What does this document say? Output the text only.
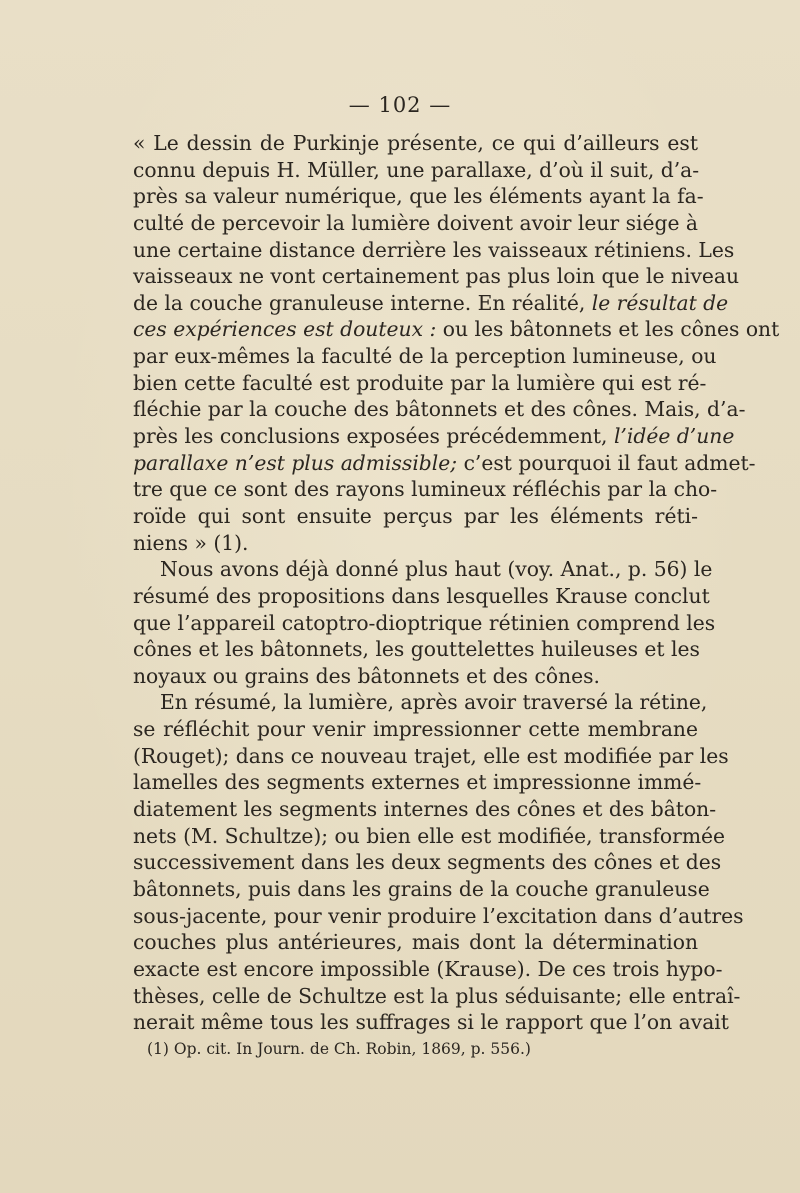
— 102 —
« Le dessin de Purkinje présente, ce qui d’ailleurs est
connu depuis H. Müller, une parallaxe, d’où il suit, d’a-
près sa valeur numérique, que les éléments ayant la fa-
culté de percevoir la lumière doivent avoir leur siége à
une certaine distance derrière les vaisseaux rétiniens. Les
vaisseaux ne vont certainement pas plus loin que le niveau
de la couche granuleuse interne. En réalité, le résultat de
ces expériences est douteux : ou les bâtonnets et les cônes ont
par eux-mêmes la faculté de la perception lumineuse, ou
bien cette faculté est produite par la lumière qui est ré-
fléchie par la couche des bâtonnets et des cônes. Mais, d’a-
près les conclusions exposées précédemment, l’idée d’une
parallaxe n’est plus admissible; c’est pourquoi il faut admet-
tre que ce sont des rayons lumineux réfléchis par la cho-
roïde qui sont ensuite perçus par les éléments réti-
niens » (1).
Nous avons déjà donné plus haut (voy. Anat., p. 56) le
résumé des propositions dans lesquelles Krause conclut
que l’appareil catoptro-dioptrique rétinien comprend les
cônes et les bâtonnets, les gouttelettes huileuses et les
noyaux ou grains des bâtonnets et des cônes.
En résumé, la lumière, après avoir traversé la rétine,
se réfléchit pour venir impressionner cette membrane
(Rouget); dans ce nouveau trajet, elle est modifiée par les
lamelles des segments externes et impressionne immé-
diatement les segments internes des cônes et des bâton-
nets (M. Schultze); ou bien elle est modifiée, transformée
successivement dans les deux segments des cônes et des
bâtonnets, puis dans les grains de la couche granuleuse
sous-jacente, pour venir produire l’excitation dans d’autres
couches plus antérieures, mais dont la détermination
exacte est encore impossible (Krause). De ces trois hypo-
thèses, celle de Schultze est la plus séduisante; elle entraî-
nerait même tous les suffrages si le rapport que l’on avait
(1) Op. cit. In Journ. de Ch. Robin, 1869, p. 556.)
